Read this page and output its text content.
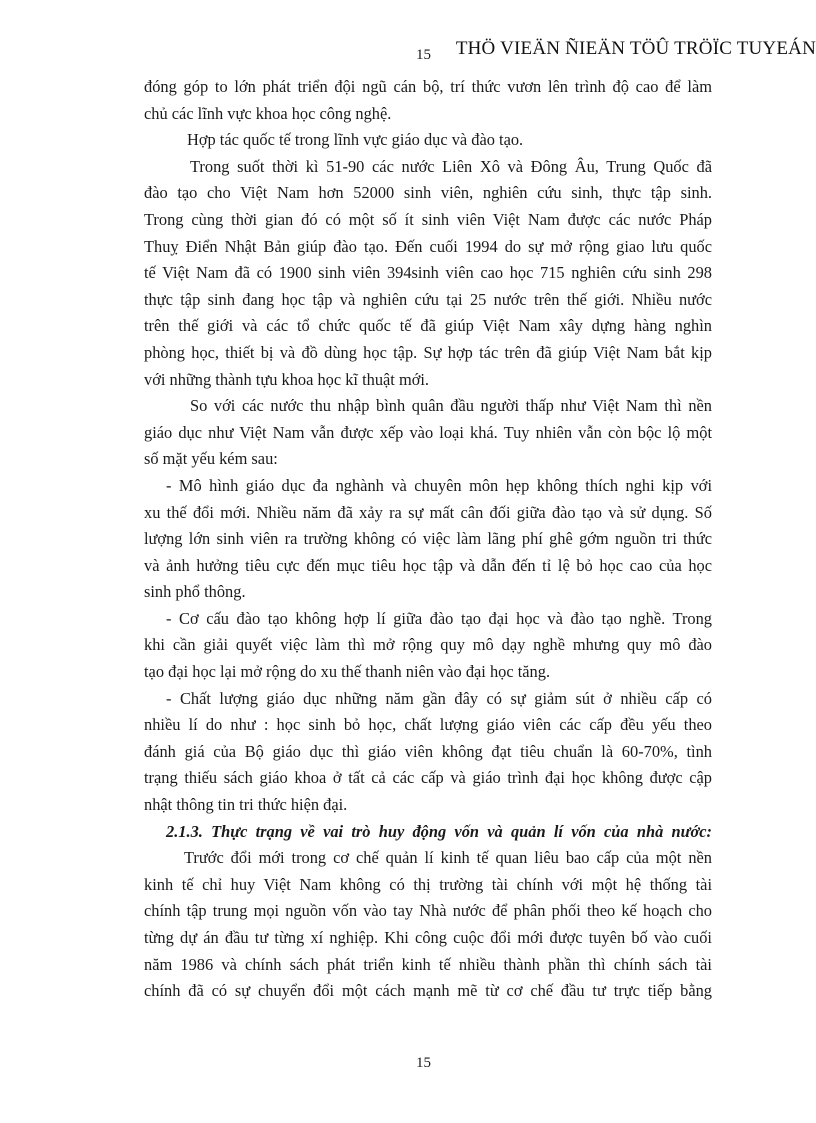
THÖ VIEÄN ÑIEÄN TÖÛ TRÖÏC TUYEÁN
15
đóng góp to lớn phát triển đội ngũ cán bộ, trí thức vươn lên trình độ cao để làm
chủ các lĩnh vực khoa học công nghệ.
Hợp tác quốc tế trong lĩnh vực giáo dục và đào tạo.
Trong suốt thời kì 51-90 các nước Liên Xô và Đông Âu, Trung Quốc đã
đào tạo cho Việt Nam hơn 52000 sinh viên, nghiên cứu sinh, thực tập sinh.
Trong cùng thời gian đó có một số ít sinh viên Việt Nam được các nước Pháp
Thuỵ Điển Nhật Bản giúp đào tạo. Đến cuối 1994 do sự mở rộng giao lưu quốc
tế Việt Nam đã có 1900 sinh viên 394sinh viên cao học 715 nghiên cứu sinh 298
thực tập sinh đang học tập và nghiên cứu tại 25 nước trên thế giới. Nhiều nước
trên thế giới và các tổ chức quốc tế đã giúp Việt Nam xây dựng hàng nghìn
phòng học, thiết bị và đồ dùng học tập. Sự hợp tác trên đã giúp Việt Nam bắt kịp
với những thành tựu khoa học kĩ thuật mới.
So với các nước thu nhập bình quân đầu người thấp như Việt Nam thì nền
giáo dục như Việt Nam vẫn được xếp vào loại khá. Tuy nhiên vẫn còn bộc lộ một
số mặt yếu kém sau:
- Mô hình giáo dục đa nghành và chuyên môn hẹp không thích nghi kịp với
xu thế đổi mới. Nhiều năm đã xảy ra sự mất cân đối giữa đào tạo và sử dụng. Số
lượng lớn sinh viên ra trường không có việc làm lãng phí ghê gớm nguồn tri thức
và ảnh hưởng tiêu cực đến mục tiêu học tập và dẫn đến tỉ lệ bỏ học cao của học
sinh phổ thông.
- Cơ cấu đào tạo không hợp lí giữa đào tạo đại học và đào tạo nghề. Trong
khi cần giải quyết việc làm thì mở rộng quy mô dạy nghề mhưng quy mô đào
tạo đại học lại mở rộng do xu thế thanh niên vào đại học tăng.
- Chất lượng giáo dục những năm gần đây có sự giảm sút ở nhiều cấp có
nhiều lí do như : học sinh bỏ học, chất lượng giáo viên các cấp đều yếu theo
đánh giá của Bộ giáo dục thì giáo viên không đạt tiêu chuẩn là 60-70%, tình
trạng thiếu sách giáo khoa ở tất cả các cấp và giáo trình đại học không được cập
nhật thông tin tri thức hiện đại.
2.1.3. Thực trạng về vai trò huy động vốn và quản lí vốn của nhà nước:
Trước đổi mới trong cơ chế quản lí kinh tế quan liêu bao cấp của một nền
kinh tế chỉ huy Việt Nam không có thị trường tài chính với một hệ thống tài
chính tập trung mọi nguồn vốn vào tay Nhà nước để phân phối theo kế hoạch cho
từng dự án đầu tư từng xí nghiệp. Khi công cuộc đổi mới được tuyên bố vào cuối
năm 1986 và chính sách phát triển kinh tế nhiều thành phần thì chính sách tài
chính đã có sự chuyển đổi một cách mạnh mẽ từ cơ chế đầu tư trực tiếp bằng
15
